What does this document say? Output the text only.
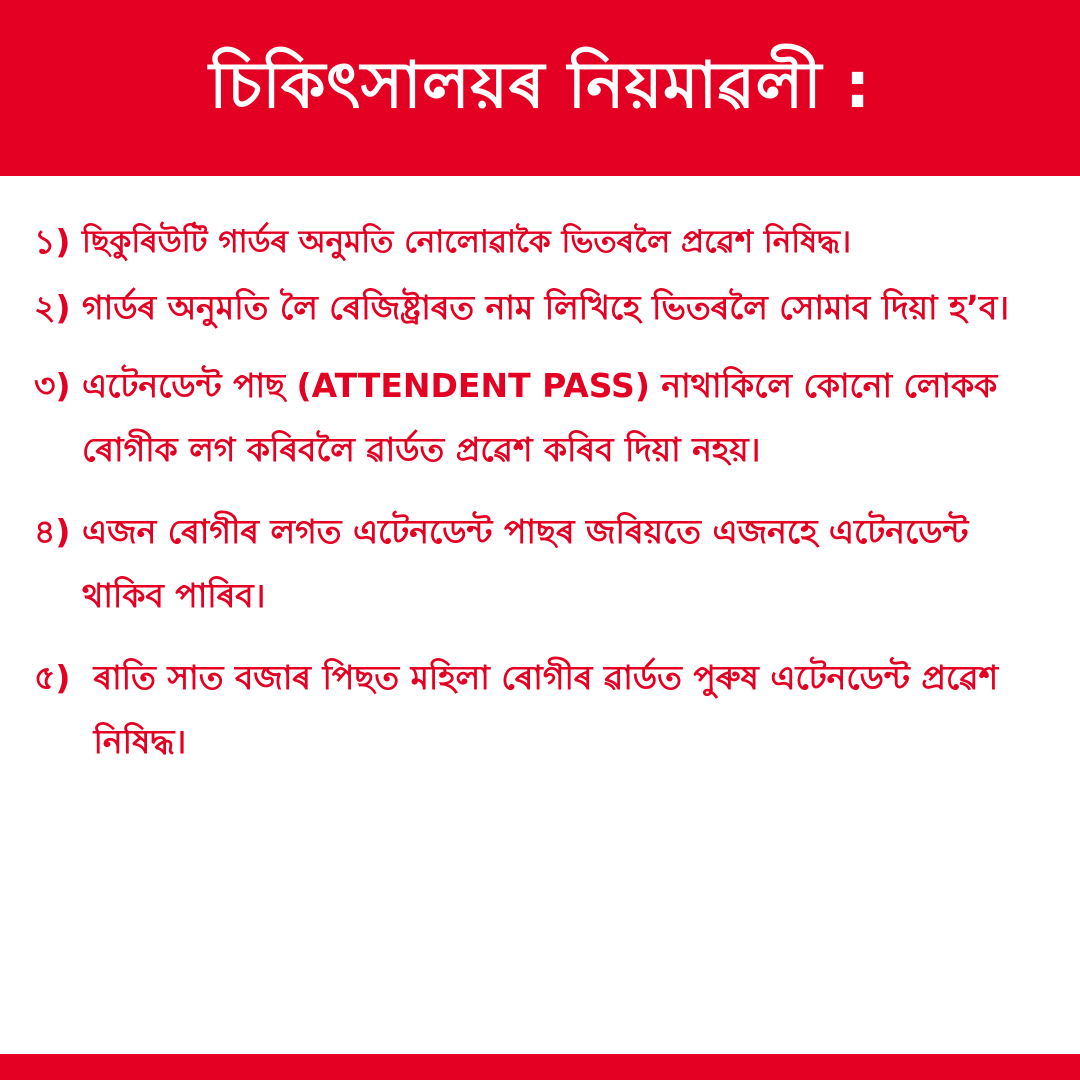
চিকিৎসালয়ৰ নিয়মাৱলী :
১) ছিকুৰিউটি গাৰ্ডৰ অনুমতি নোলোৱাকৈ ভিতৰলৈ প্ৰৱেশ নিষিদ্ধ।
২) গাৰ্ডৰ অনুমতি লৈ ৰেজিষ্ট্ৰাৰত নাম লিখিহে ভিতৰলৈ সোমাব দিয়া হ’ব।
৩) এটেনডেন্ট পাছ (ATTENDENT PASS) নাথাকিলে কোনো লোকক ৰোগীক লগ কৰিবলৈ ৱাৰ্ডত প্ৰৱেশ কৰিব দিয়া নহয়।
৪) এজন ৰোগীৰ লগত এটেনডেন্ট পাছৰ জৰিয়তে এজনহে এটেনডেন্ট থাকিব পাৰিব।
৫) ৰাতি সাত বজাৰ পিছত মহিলা ৰোগীৰ ৱাৰ্ডত পুৰুষ এটেনডেন্ট প্ৰৱেশ নিষিদ্ধ।
